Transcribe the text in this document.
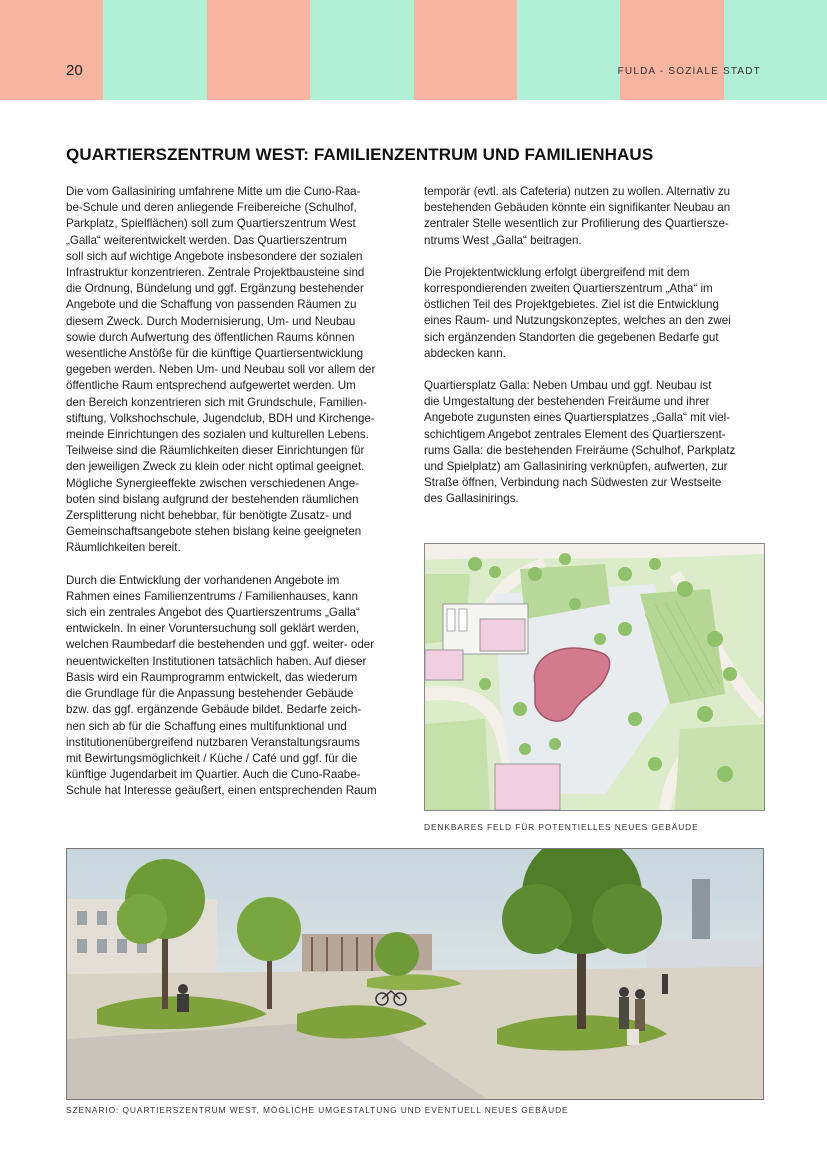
20	FULDA - SOZIALE STADT
QUARTIERSZENTRUM WEST: FAMILIENZENTRUM UND FAMILIENHAUS

Die vom Gallasiniring umfahrene Mitte um die Cuno-Raa-
be-Schule und deren anliegende Freibereiche (Schulhof,
Parkplatz, Spielflächen) soll zum Quartierszentrum West
„Galla“ weiterentwickelt werden. Das Quartierszentrum
soll sich auf wichtige Angebote insbesondere der sozialen
Infrastruktur konzentrieren. Zentrale Projektbausteine sind
die Ordnung, Bündelung und ggf. Ergänzung bestehender
Angebote und die Schaffung von passenden Räumen zu
diesem Zweck. Durch Modernisierung, Um- und Neubau
sowie durch Aufwertung des öffentlichen Raums können
wesentliche Anstöße für die künftige Quartiersentwicklung
gegeben werden. Neben Um- und Neubau soll vor allem der
öffentliche Raum entsprechend aufgewertet werden. Um
den Bereich konzentrieren sich mit Grundschule, Familien-
stiftung, Volkshochschule, Jugendclub, BDH und Kirchenge-
meinde Einrichtungen des sozialen und kulturellen Lebens.
Teilweise sind die Räumlichkeiten dieser Einrichtungen für
den jeweiligen Zweck zu klein oder nicht optimal geeignet.
Mögliche Synergieeffekte zwischen verschiedenen Ange-
boten sind bislang aufgrund der bestehenden räumlichen
Zersplitterung nicht behebbar, für benötigte Zusatz- und
Gemeinschaftsangebote stehen bislang keine geeigneten
Räumlichkeiten bereit.

Durch die Entwicklung der vorhandenen Angebote im
Rahmen eines Familienzentrums / Familienhauses, kann
sich ein zentrales Angebot des Quartierszentrums „Galla“
entwickeln. In einer Voruntersuchung soll geklärt werden,
welchen Raumbedarf die bestehenden und ggf. weiter- oder
neuentwickelten Institutionen tatsächlich haben. Auf dieser
Basis wird ein Raumprogramm entwickelt, das wiederum
die Grundlage für die Anpassung bestehender Gebäude
bzw. das ggf. ergänzende Gebäude bildet. Bedarfe zeich-
nen sich ab für die Schaffung eines multifunktional und
institutionenübergreifend nutzbaren Veranstaltungsraums
mit Bewirtungsmöglichkeit / Küche / Café und ggf. für die
künftige Jugendarbeit im Quartier. Auch die Cuno-Raabe-
Schule hat Interesse geäußert, einen entsprechenden Raum

temporär (evtl. als Cafeteria) nutzen zu wollen. Alternativ zu
bestehenden Gebäuden könnte ein signifikanter Neubau an
zentraler Stelle wesentlich zur Profilierung des Quartiersze-
ntrums West „Galla“ beitragen.

Die Projektentwicklung erfolgt übergreifend mit dem
korrespondierenden zweiten Quartierszentrum „Atha“ im
östlichen Teil des Projektgebietes. Ziel ist die Entwicklung
eines Raum- und Nutzungskonzeptes, welches an den zwei
sich ergänzenden Standorten die gegebenen Bedarfe gut
abdecken kann.

Quartiersplatz Galla: Neben Umbau und ggf. Neubau ist
die Umgestaltung der bestehenden Freiräume und ihrer
Angebote zugunsten eines Quartiersplatzes „Galla“ mit viel-
schichtigem Angebot zentrales Element des Quartierszent-
rums Galla: die bestehenden Freiräume (Schulhof, Parkplatz
und Spielplatz) am Gallasiniring verknüpfen, aufwerten, zur
Straße öffnen, Verbindung nach Südwesten zur Westseite
des Gallasinirings.

DENKBARES FELD FÜR POTENTIELLES NEUES GEBÄUDE
SZENARIO: QUARTIERSZENTRUM WEST, MÖGLICHE UMGESTALTUNG UND EVENTUELL NEUES GEBÄUDE
